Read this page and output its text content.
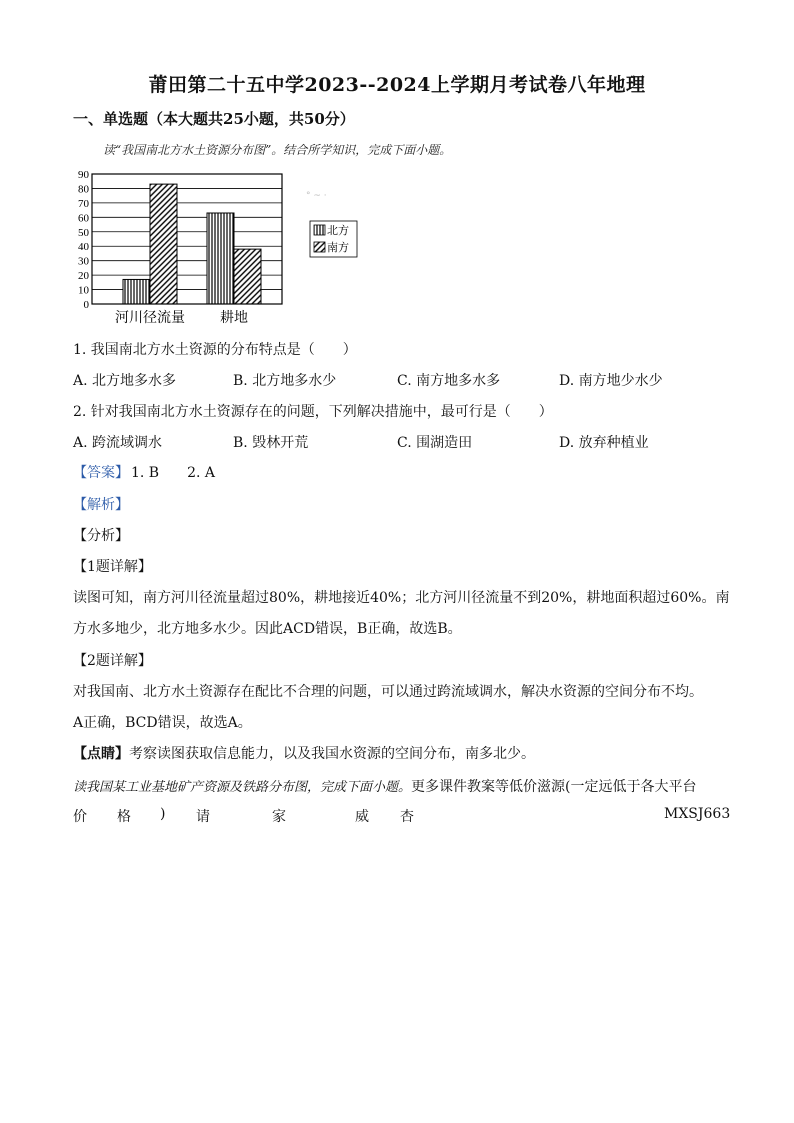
莆田第二十五中学2023--2024上学期月考试卷八年地理
一、单选题（本大题共25小题，共50分）
读“我国南北方水土资源分布图”。结合所学知识，完成下面小题。
0
10
20
30
40
50
60
70
80
90
河川径流量	耕地
° ~ ·
北方
南方
1. 我国南北方水土资源的分布特点是（　　）
A. 北方地多水多	B. 北方地多水少	C. 南方地多水多	D. 南方地少水少
2. 针对我国南北方水土资源存在的问题，下列解决措施中，最可行是（　　）
A. 跨流域调水	B. 毁林开荒	C. 围湖造田	D. 放弃种植业
【答案】 1. B 2. A
【解析】
【分析】
【1题详解】
读图可知，南方河川径流量超过80%，耕地接近40%；北方河川径流量不到20%，耕地面积超过60%。南
方水多地少，北方地多水少。因此ACD错误，B正确，故选B。
【2题详解】
对我国南、北方水土资源存在配比不合理的问题，可以通过跨流域调水，解决水资源的空间分布不均。
A正确，BCD错误，故选A。
【点睛】考察读图获取信息能力，以及我国水资源的空间分布，南多北少。
读我国某工业基地矿产资源及铁路分布图，完成下面小题。更多课件教案等低价滋源(一定远低于各大平台
价 格 ) 请	家	威 杏	MXSJ663
